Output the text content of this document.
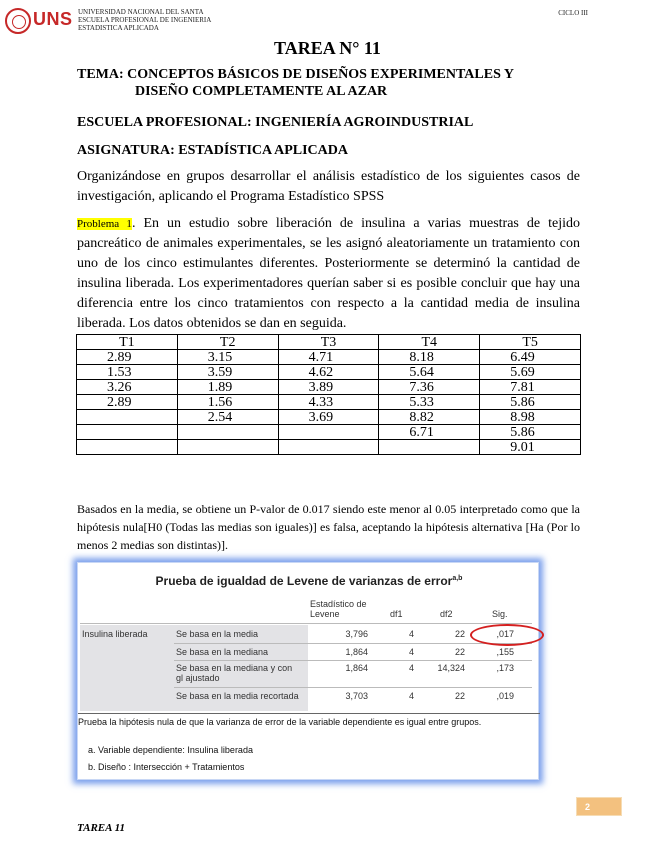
UNS UNIVERSIDAD NACIONAL DEL SANTA
ESCUELA PROFESIONAL DE INGENIERIA
ESTADISTICA APLICADA
CICLO III
TAREA N° 11
TEMA: CONCEPTOS BÁSICOS DE DISEÑOS EXPERIMENTALES Y
DISEÑO COMPLETAMENTE AL AZAR
ESCUELA PROFESIONAL: INGENIERÍA AGROINDUSTRIAL
ASIGNATURA: ESTADÍSTICA APLICADA
Organizándose en grupos desarrollar el análisis estadístico de los siguientes casos de investigación, aplicando el Programa Estadístico SPSS
Problema 1. En un estudio sobre liberación de insulina a varias muestras de tejido pancreático de animales experimentales, se les asignó aleatoriamente un tratamiento con uno de los cinco estimulantes diferentes. Posteriormente se determinó la cantidad de insulina liberada. Los experimentadores querían saber si es posible concluir que hay una diferencia entre los cinco tratamientos con respecto a la cantidad media de insulina liberada. Los datos obtenidos se dan en seguida.
T1	T2	T3	T4	T5
2.89	3.15	4.71	8.18	6.49
1.53	3.59	4.62	5.64	5.69
3.26	1.89	3.89	7.36	7.81
2.89	1.56	4.33	5.33	5.86
	2.54	3.69	8.82	8.98
			6.71	5.86
				9.01
Basados en la media, se obtiene un P-valor de 0.017 siendo este menor al 0.05 interpretado como que la hipótesis nula[H0 (Todas las medias son iguales)] es falsa, aceptando la hipótesis alternativa [Ha (Por lo menos 2 medias son distintas)].
Prueba de igualdad de Levene de varianzas de error$^{a,b}$
Estadístico de Levene	df1	df2	Sig.
Insulina liberada	Se basa en la media	3,796	4	22	,017
Se basa en la mediana	1,864	4	22	,155
Se basa en la mediana y con gl ajustado
1,864	4	14,324	,173
Se basa en la media recortada	3,703	4	22	,019
Prueba la hipótesis nula de que la varianza de error de la variable dependiente es igual entre grupos.
a. Variable dependiente: Insulina liberada
b. Diseño : Intersección + Tratamientos
2
TAREA 11
